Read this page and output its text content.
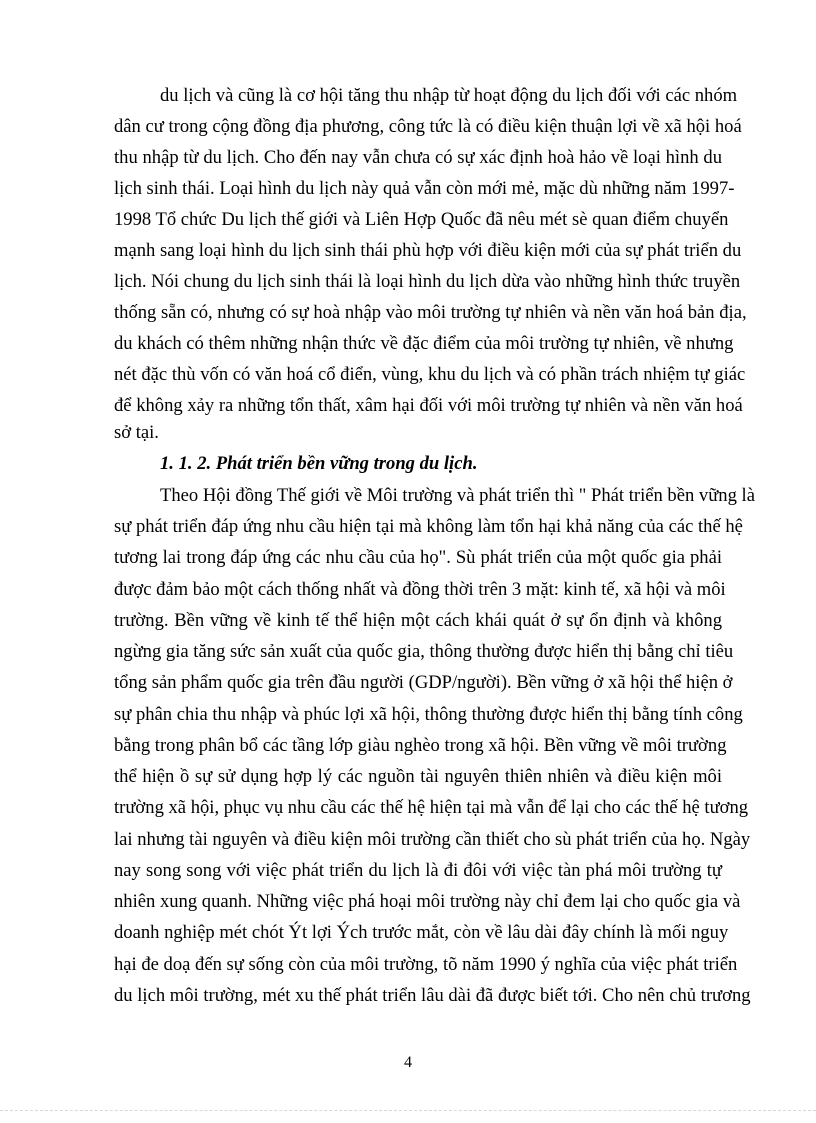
du lịch và cũng là cơ hội tăng thu nhập từ hoạt động du lịch đối với các nhóm
dân cư trong cộng đồng địa phương, công tức là có điều kiện thuận lợi về xã hội hoá
thu nhập từ du lịch. Cho đến nay vẫn chưa có sự xác định hoà hảo về loại hình du
lịch sinh thái. Loại hình du lịch này quả vẫn còn mới mẻ, mặc dù những năm 1997-
1998 Tổ chức Du lịch thế giới và Liên Hợp Quốc đã nêu mét sè quan điểm chuyển
mạnh sang loại hình du lịch sinh thái phù hợp với điều kiện mới của sự phát triển du
lịch. Nói chung du lịch sinh thái là loại hình du lịch dừa vào những hình thức truyền
thống sẵn có, nhưng có sự hoà nhập vào môi trường tự nhiên và nền văn hoá bản địa,
du khách có thêm những nhận thức về đặc điểm của môi trường tự nhiên, về nhưng
nét đặc thù vốn có văn hoá cổ điển, vùng, khu du lịch và có phần trách nhiệm tự giác
để không xảy ra những tổn thất, xâm hại đối với môi trường tự nhiên và nền văn hoá
sở tại.
1. 1. 2. Phát triển bền vững trong du lịch.
Theo Hội đồng Thế giới về Môi trường và phát triển thì " Phát triển bền vững là
sự phát triển đáp ứng nhu cầu hiện tại mà không làm tổn hại khả năng của các thế hệ
tương lai trong đáp ứng các nhu cầu của họ". Sù phát triển của một quốc gia phải
được đảm bảo một cách thống nhất và đồng thời trên 3 mặt: kinh tế, xã hội và môi
trường. Bền vững về kinh tế thể hiện một cách khái quát ở sự ổn định và không
ngừng gia tăng sức sản xuất của quốc gia, thông thường được hiển thị bằng chỉ tiêu
tổng sản phẩm quốc gia trên đầu người (GDP/người). Bền vững ở xã hội thể hiện ở
sự phân chia thu nhập và phúc lợi xã hội, thông thường được hiển thị bằng tính công
bằng trong phân bổ các tầng lớp giàu nghèo trong xã hội. Bền vững về môi trường
thể hiện ồ sự sử dụng hợp lý các nguồn tài nguyên thiên nhiên và điều kiện môi
trường xã hội, phục vụ nhu cầu các thế hệ hiện tại mà vẫn để lại cho các thế hệ tương
lai nhưng tài nguyên và điều kiện môi trường cần thiết cho sù phát triển của họ. Ngày
nay song song với việc phát triển du lịch là đi đôi với việc tàn phá môi trường tự
nhiên xung quanh. Những việc phá hoại môi trường này chỉ đem lại cho quốc gia và
doanh nghiệp mét chót Ýt lợi Ých trước mắt, còn về lâu dài đây chính là mối nguy
hại đe doạ đến sự sống còn của môi trường, tõ năm 1990 ý nghĩa của việc phát triển
du lịch môi trường, mét xu thế phát triển lâu dài đã được biết tới. Cho nên chủ trương
4
